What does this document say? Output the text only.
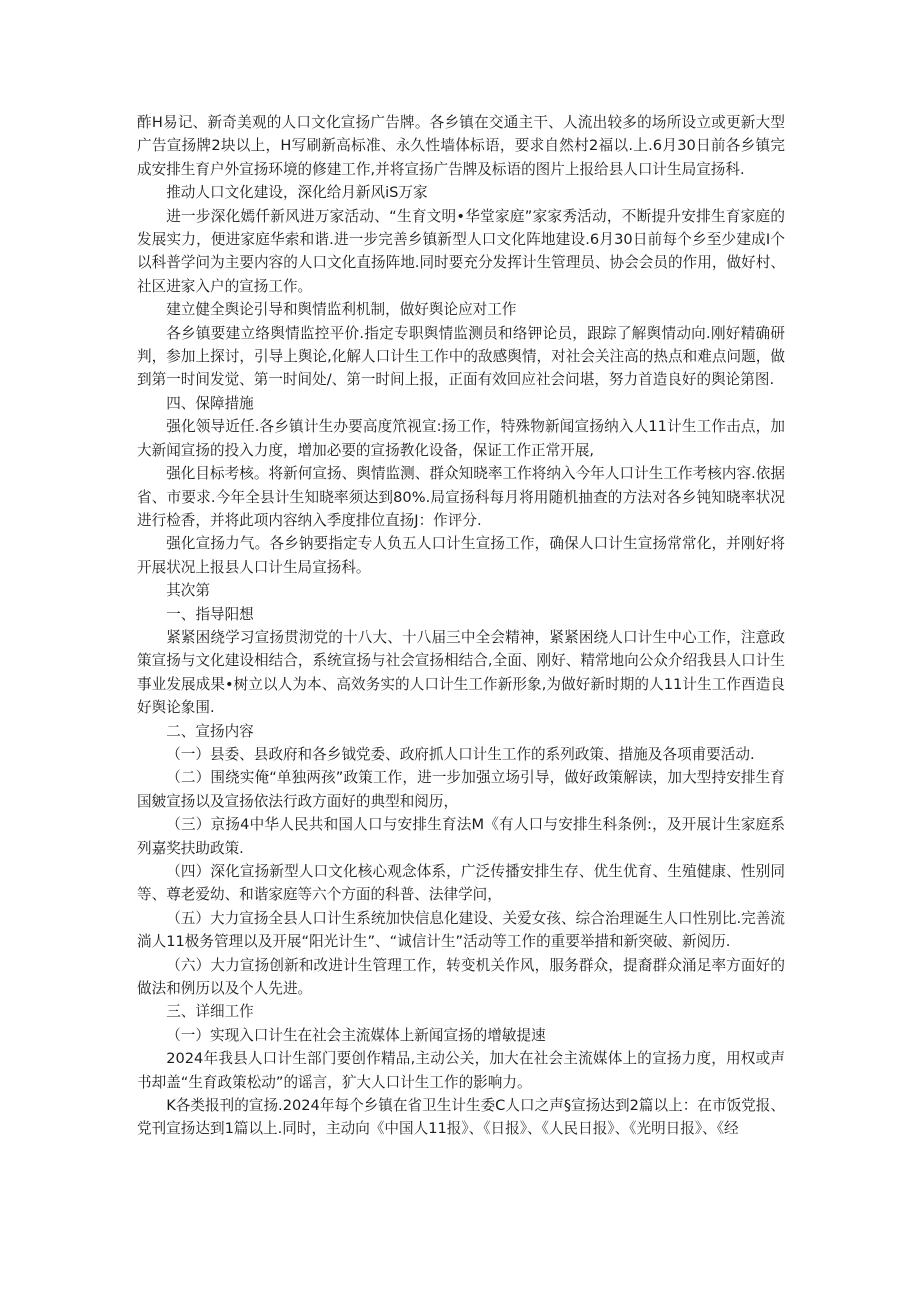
酢H易记、新奇美观的人口文化宣扬广告牌。各乡镇在交通主干、人流出较多的场所设立或更新大型广告宣扬牌2块以上，H写刷新高标准、永久性墙体标语，要求自然村2福以.上.6月30日前各乡镇完成安排生育户外宣扬环境的修建工作,并将宣扬广告牌及标语的图片上报给县人口计生局宣扬科.

推动人口文化建设，深化给月新风iS万家

进一步深化嫣仟新风进万家活动、“生育文明•华堂家庭”家家秀活动，不断提升安排生育家庭的发展实力，便进家庭华索和谐.进一步完善乡镇新型人口文化阵地建设.6月30日前每个乡至少建成I个以科普学问为主要内容的人口文化直扬阵地.同时要充分发挥计生管理员、协会会员的作用，做好村、社区进家入户的宣扬工作。

建立健全舆论引导和舆情监利机制，做好舆论应对工作

各乡镇要建立络舆情监控平价.指定专职舆情监测员和络钾论员，跟踪了解舆情动向.刚好精确研判，参加上探讨，引导上舆论,化解人口计生工作中的敌感舆情，对社会关注高的热点和难点问题，做到第一时间发觉、第一时间处/、第一时间上报，正面有效回应社会问堪，努力首造良好的舆论第图.

四、保障措施

强化领导近任.各乡镇计生办要高度笊视宣:扬工作，特殊物新闻宣扬纳入人11计生工作击点，加大新闻宣扬的投入力度，增加必要的宣扬教化设备，保证工作正常开展,

强化目标考核。将新何宣扬、舆情监测、群众知晓率工作将纳入今年人口计生工作考核内容.依据省、市要求.今年全县计生知晓率须达到80%.局宣扬科每月将用随机抽查的方法对各乡钝知晓率状况进行检香，并将此项内容纳入季度排位直扬J：作评分.

强化宣扬力气。各乡钠要指定专人负五人口计生宣扬工作，确保人口计生宣扬常常化，并刚好将开展状况上报县人口计生局宣扬科。

其次第

一、指导阳想

紧紧困绕学习宣扬贯沏党的十八大、十八届三中全会精神，紧紧困绕人口计生中心工作，注意政策宣扬与文化建设相结合，系统宣扬与社会宣扬相结合,全面、刚好、精常地向公众介绍我县人口计生事业发展成果•树立以人为本、高效务实的人口计生工作新形象,为做好新时期的人11计生工作酉造良好舆论象围.

二、宣扬内容

（一）县委、县政府和各乡钺党委、政府抓人口计生工作的系列政策、措施及各项甫要活动.

（二）围绕实俺“单独两孩”政策工作，进一步加强立场引导，做好政策解读，加大型持安排生育国皴宣扬以及宣扬依法行政方面好的典型和阅历，

（三）京扬4中华人民共和国人口与安排生育法M《有人口与安排生科条例:，及开展计生家庭系列嘉奖扶助政策.

（四）深化宣扬新型人口文化核心观念体系，广泛传播安排生存、优生优育、生殖健康、性别同等、尊老爱幼、和谐家庭等六个方面的科普、法律学问，

（五）大力宣扬全县人口计生系统加快信息化建设、关爱女孩、综合治理诞生人口性别比.完善流淌人11极务管理以及开展“阳光计生”、“诚信计生”活动等工作的重要举措和新突破、新阅历.

（六）大力宣扬创新和改进计生管理工作，转变机关作风，服务群众，提裔群众涌足率方面好的做法和例历以及个人先进。

三、详细工作

（一）实现入口计生在社会主流媒体上新闻宣扬的增敏提速

2024年我县人口计生部门要创作精品,主动公关，加大在社会主流媒体上的宣扬力度，用权或声书却盖“生育政策松动”的谣言，犷大人口计生工作的影响力。

K各类报刊的宣扬.2024年每个乡镇在省卫生计生委C人口之声§宣扬达到2篇以上：在市饭党报、党刊宣扬达到1篇以上.同时，主动向《中国人11报》、《日报》、《人民日报》、《光明日报》、《经
